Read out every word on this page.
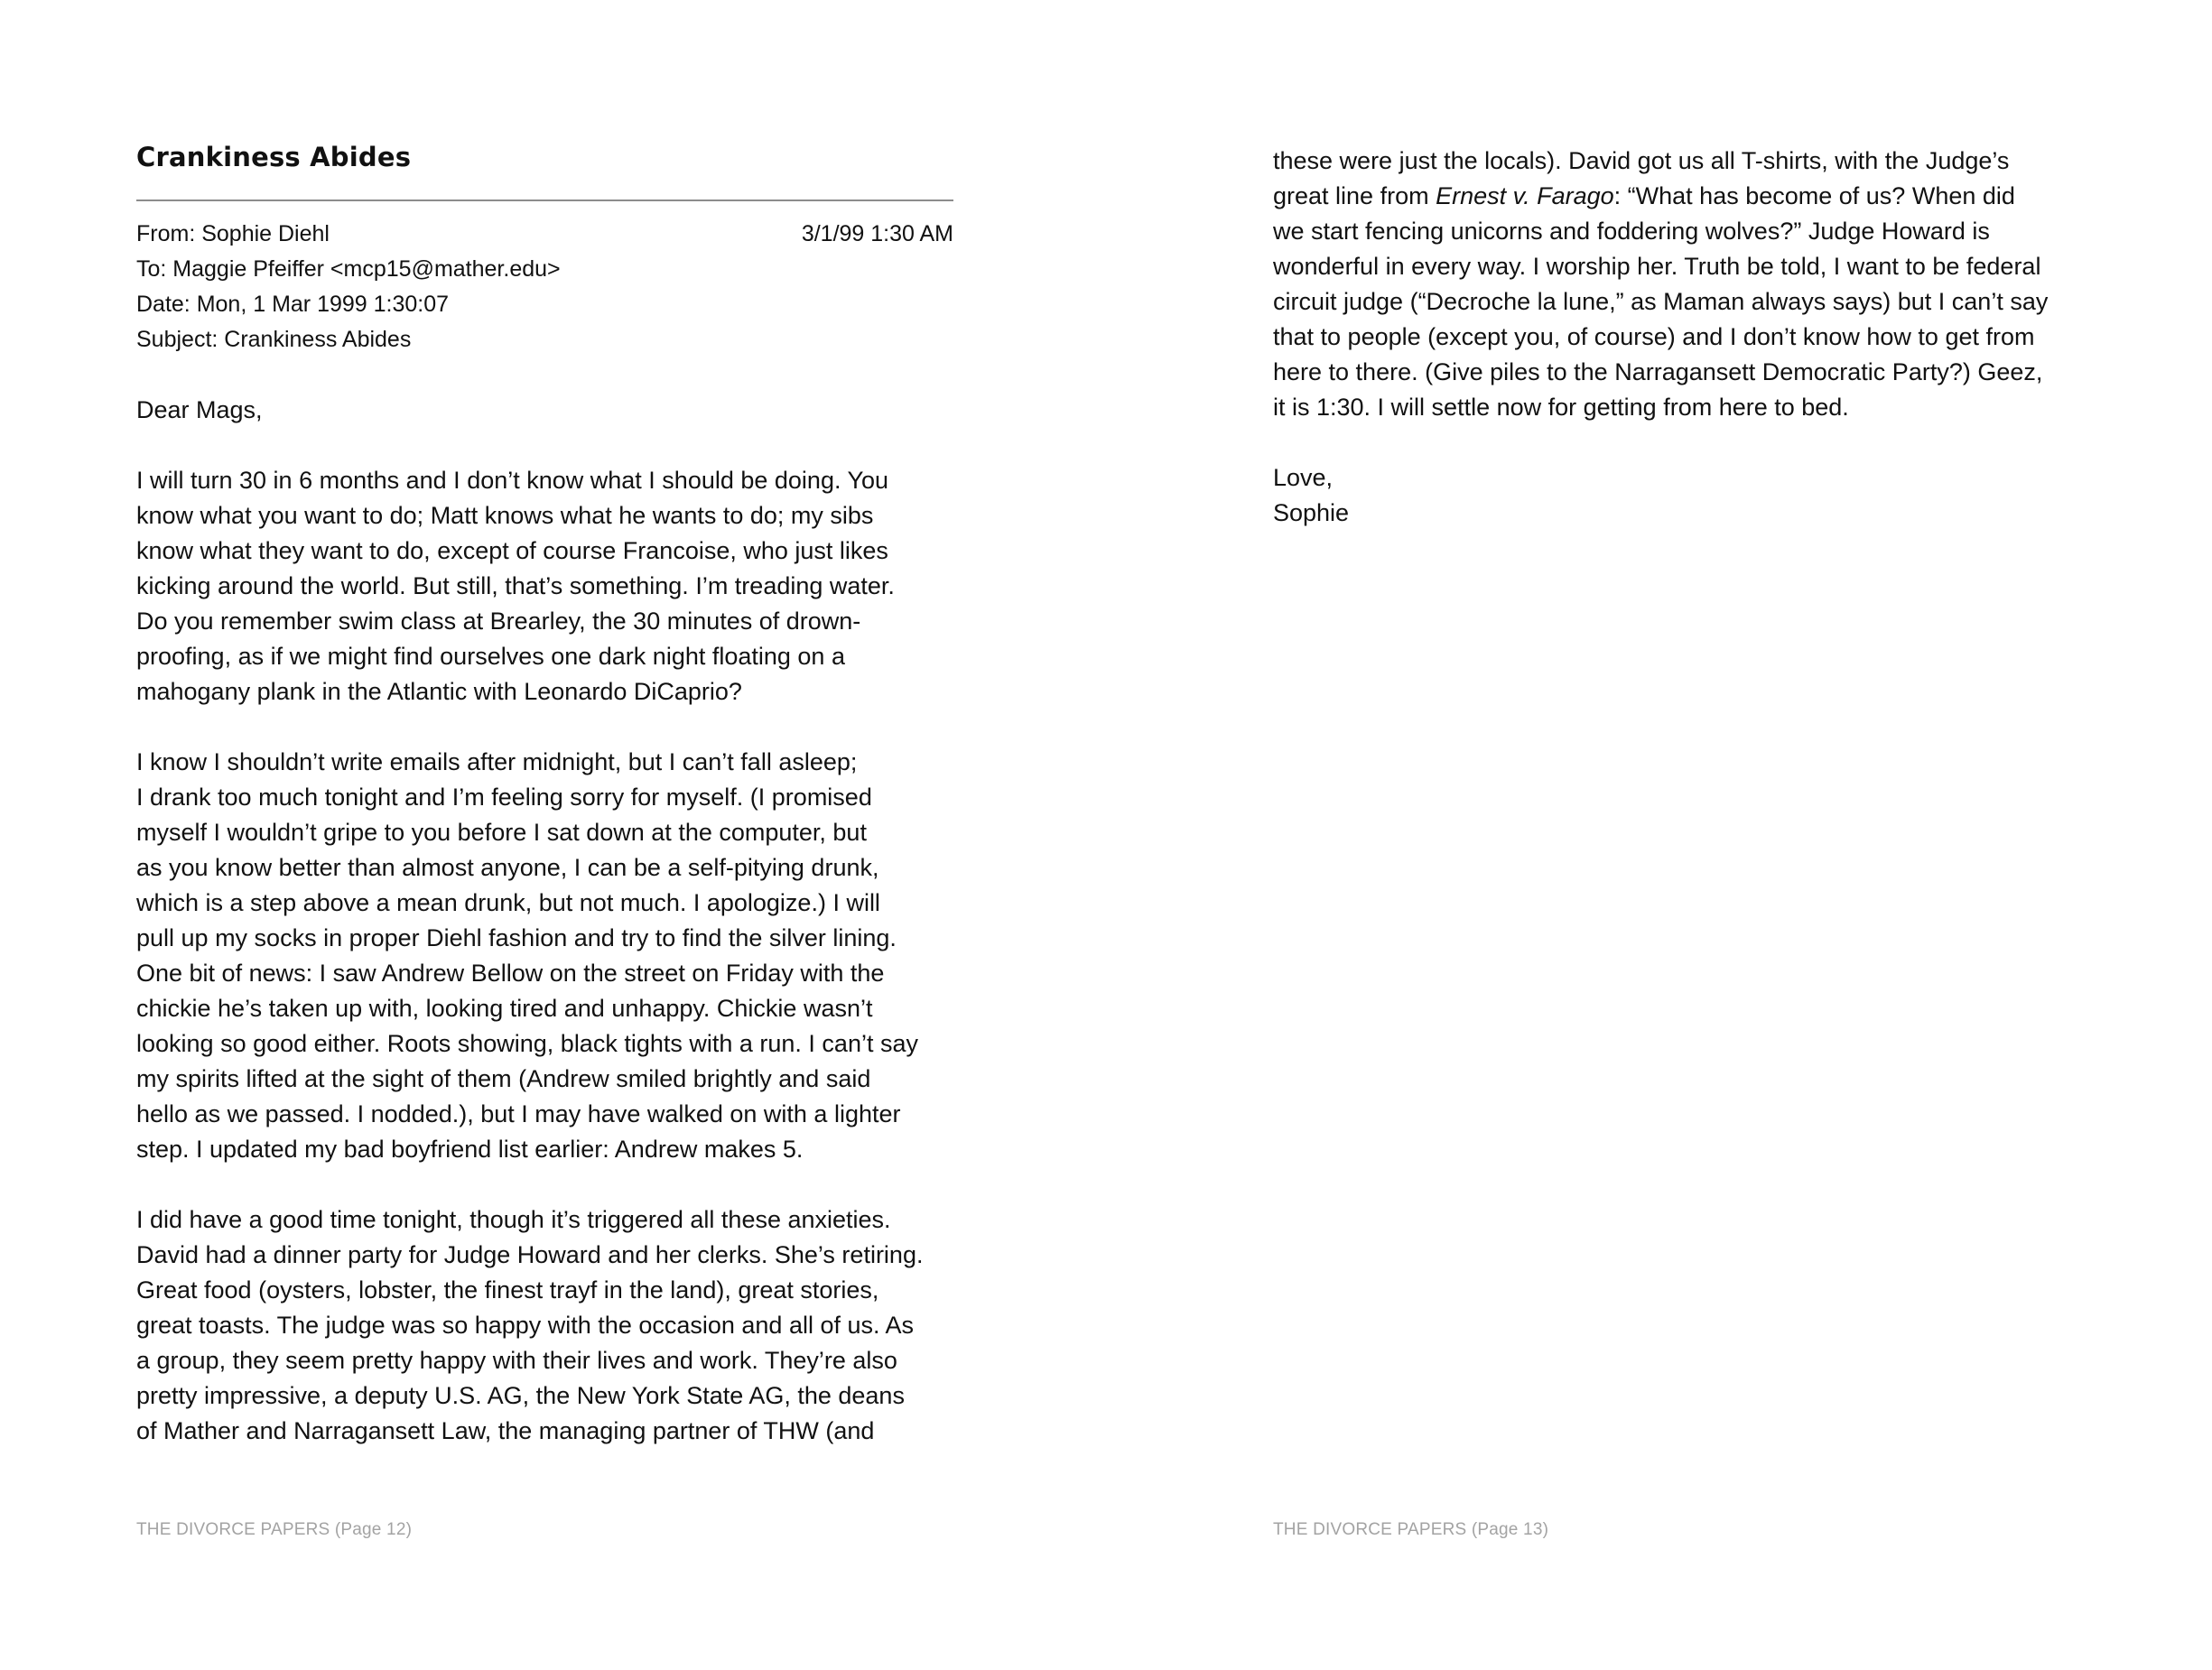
Crankiness Abides
From: Sophie Diehl	3/1/99 1:30 AM
To: Maggie Pfeiffer <mcp15@mather.edu>
Date: Mon, 1 Mar 1999 1:30:07
Subject: Crankiness Abides

Dear Mags,

I will turn 30 in 6 months and I don’t know what I should be doing. You
know what you want to do; Matt knows what he wants to do; my sibs
know what they want to do, except of course Francoise, who just likes
kicking around the world. But still, that’s something. I’m treading water.
Do you remember swim class at Brearley, the 30 minutes of drown-
proofing, as if we might find ourselves one dark night floating on a
mahogany plank in the Atlantic with Leonardo DiCaprio?

I know I shouldn’t write emails after midnight, but I can’t fall asleep;
I drank too much tonight and I’m feeling sorry for myself. (I promised
myself I wouldn’t gripe to you before I sat down at the computer, but
as you know better than almost anyone, I can be a self-pitying drunk,
which is a step above a mean drunk, but not much. I apologize.) I will
pull up my socks in proper Diehl fashion and try to find the silver lining.
One bit of news: I saw Andrew Bellow on the street on Friday with the
chickie he’s taken up with, looking tired and unhappy. Chickie wasn’t
looking so good either. Roots showing, black tights with a run. I can’t say
my spirits lifted at the sight of them (Andrew smiled brightly and said
hello as we passed. I nodded.), but I may have walked on with a lighter
step. I updated my bad boyfriend list earlier: Andrew makes 5.

I did have a good time tonight, though it’s triggered all these anxieties.
David had a dinner party for Judge Howard and her clerks. She’s retiring.
Great food (oysters, lobster, the finest trayf in the land), great stories,
great toasts. The judge was so happy with the occasion and all of us. As
a group, they seem pretty happy with their lives and work. They’re also
pretty impressive, a deputy U.S. AG, the New York State AG, the deans
of Mather and Narragansett Law, the managing partner of THW (and

THE DIVORCE PAPERS (Page 12)

these were just the locals). David got us all T-shirts, with the Judge’s
great line from Ernest v. Farago: “What has become of us? When did
we start fencing unicorns and foddering wolves?” Judge Howard is
wonderful in every way. I worship her. Truth be told, I want to be federal
circuit judge (“Decroche la lune,” as Maman always says) but I can’t say
that to people (except you, of course) and I don’t know how to get from
here to there. (Give piles to the Narragansett Democratic Party?) Geez,
it is 1:30. I will settle now for getting from here to bed.

Love,
Sophie

THE DIVORCE PAPERS (Page 13)
